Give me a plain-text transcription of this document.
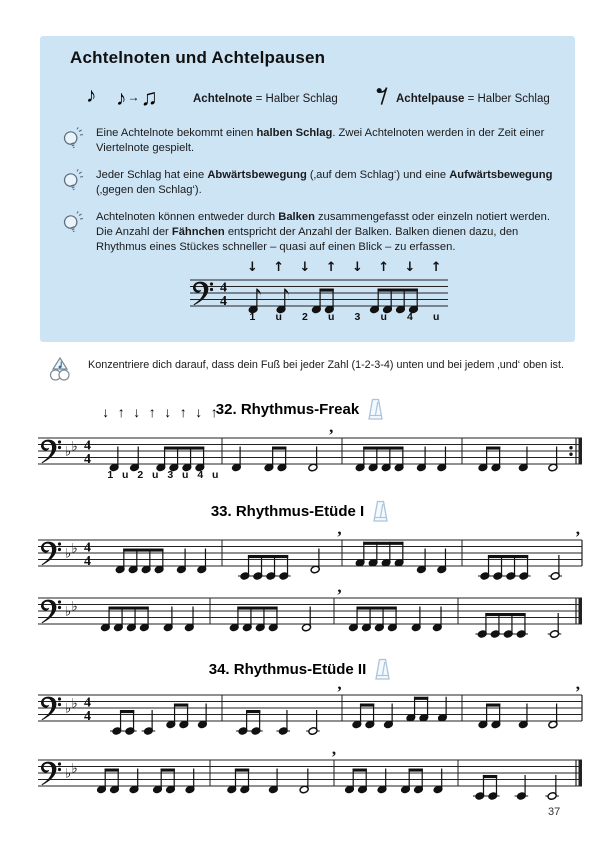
Achtelnoten und Achtelpausen
♪ ♪→♫	Achtelnote = Halber Schlag	Achtelpause = Halber Schlag

Eine Achtelnote bekommt einen halben Schlag. Zwei Achtelnoten werden in der Zeit einer Viertelnote gespielt.

Jeder Schlag hat eine Abwärtsbewegung (‚auf dem Schlag‘) und eine Aufwärtsbewegung (‚gegen den Schlag‘).

Achtelnoten können entweder durch Balken zusammengefasst oder einzeln notiert werden. Die Anzahl der Fähnchen entspricht der Anzahl der Balken. Balken dienen dazu, den Rhythmus eines Stückes schneller – quasi auf einen Blick – zu erfassen.

4
4
↓ ↑ ↓ ↑ ↓ ↑ ↓ ↑
1 u 2 u 3 u 4 u

Konzentriere dich darauf, dass dein Fuß bei jeder Zahl (1-2-3-4) unten und bei jedem ‚und‘ oben ist.

↓ ↑ ↓ ↑ ↓ ↑ ↓ ↑
32. Rhythmus-Freak
♭ ♭ 4
4
,
1 u 2 u 3 u 4 u
33. Rhythmus-Etüde I
♭ ♭ 4
4
,	,
♭ ♭
,
34. Rhythmus-Etüde II
♭ ♭ 4
4
,	,
♭ ♭
,
37
